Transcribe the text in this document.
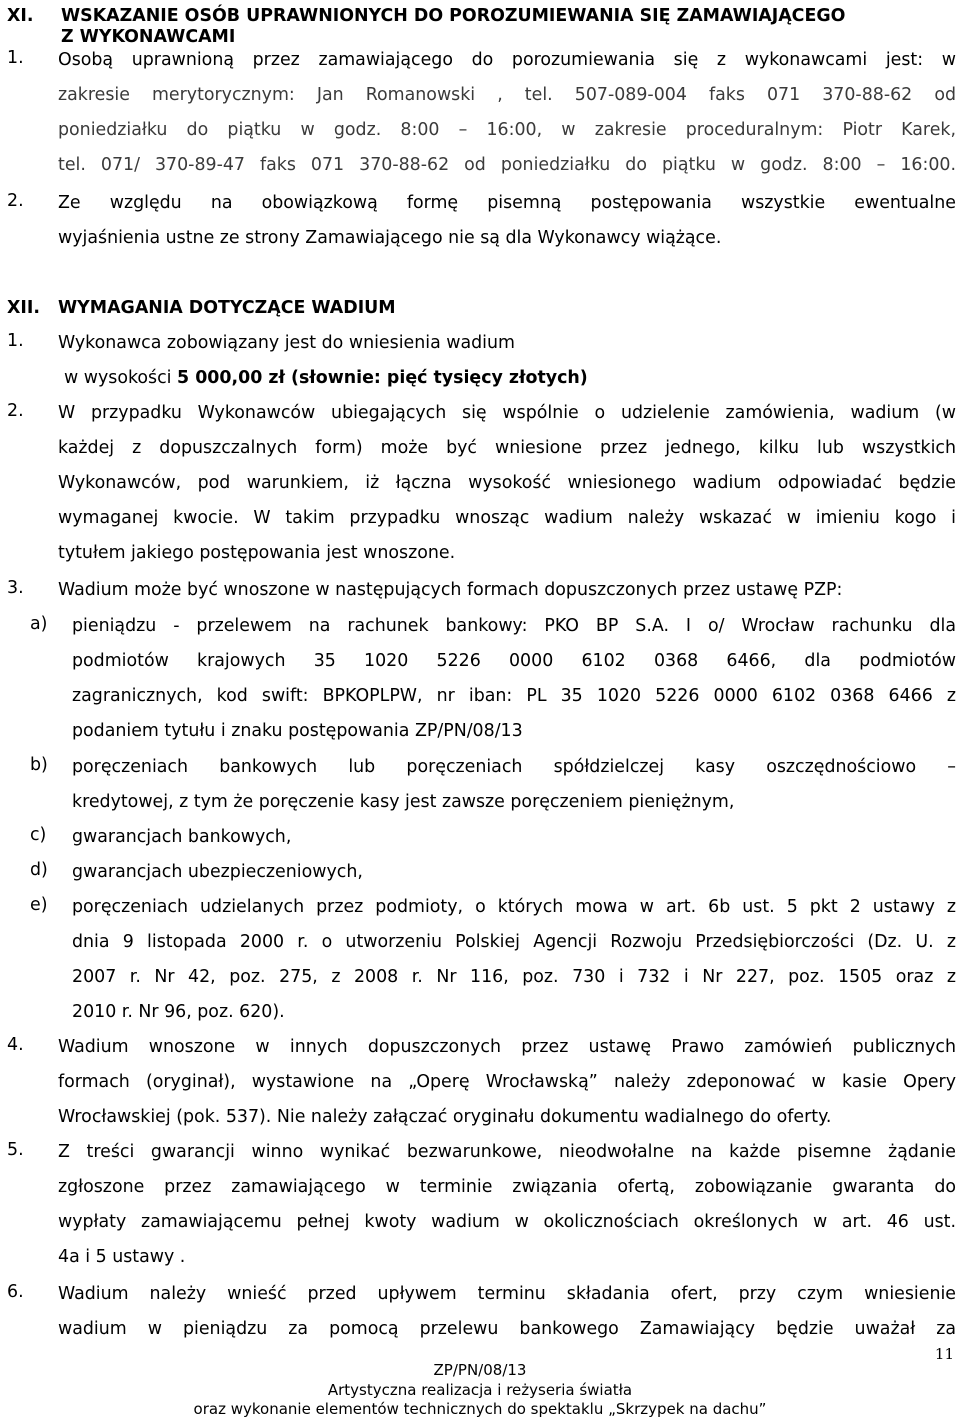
XI. WSKAZANIE OSÓB UPRAWNIONYCH DO POROZUMIEWANIA SIĘ ZAMAWIAJĄCEGO
Z WYKONAWCAMI
1. Osobą uprawnioną przez zamawiającego do porozumiewania się z wykonawcami jest: w
zakresie merytorycznym: Jan Romanowski , tel. 507-089-004 faks 071 370-88-62 od
poniedziałku do piątku w godz. 8:00 – 16:00, w zakresie proceduralnym: Piotr Karek,
tel. 071/ 370-89-47 faks 071 370-88-62 od poniedziałku do piątku w godz. 8:00 – 16:00.
2. Ze względu na obowiązkową formę pisemną postępowania wszystkie ewentualne
wyjaśnienia ustne ze strony Zamawiającego nie są dla Wykonawcy wiążące.
XII. WYMAGANIA DOTYCZĄCE WADIUM
1. Wykonawca zobowiązany jest do wniesienia wadium
w wysokości 5 000,00 zł (słownie: pięć tysięcy złotych)
2. W przypadku Wykonawców ubiegających się wspólnie o udzielenie zamówienia, wadium (w
każdej z dopuszczalnych form) może być wniesione przez jednego, kilku lub wszystkich
Wykonawców, pod warunkiem, iż łączna wysokość wniesionego wadium odpowiadać będzie
wymaganej kwocie. W takim przypadku wnosząc wadium należy wskazać w imieniu kogo i
tytułem jakiego postępowania jest wnoszone.
3. Wadium może być wnoszone w następujących formach dopuszczonych przez ustawę PZP:
a) pieniądzu - przelewem na rachunek bankowy: PKO BP S.A. I o/ Wrocław rachunku dla
podmiotów krajowych 35 1020 5226 0000 6102 0368 6466, dla podmiotów
zagranicznych, kod swift: BPKOPLPW, nr iban: PL 35 1020 5226 0000 6102 0368 6466 z
podaniem tytułu i znaku postępowania ZP/PN/08/13
b) poręczeniach bankowych lub poręczeniach spółdzielczej kasy oszczędnościowo –
kredytowej, z tym że poręczenie kasy jest zawsze poręczeniem pieniężnym,
c) gwarancjach bankowych,
d) gwarancjach ubezpieczeniowych,
e) poręczeniach udzielanych przez podmioty, o których mowa w art. 6b ust. 5 pkt 2 ustawy z
dnia 9 listopada 2000 r. o utworzeniu Polskiej Agencji Rozwoju Przedsiębiorczości (Dz. U. z
2007 r. Nr 42, poz. 275, z 2008 r. Nr 116, poz. 730 i 732 i Nr 227, poz. 1505 oraz z
2010 r. Nr 96, poz. 620).
4. Wadium wnoszone w innych dopuszczonych przez ustawę Prawo zamówień publicznych
formach (oryginał), wystawione na „Operę Wrocławską” należy zdeponować w kasie Opery
Wrocławskiej (pok. 537). Nie należy załączać oryginału dokumentu wadialnego do oferty.
5. Z treści gwarancji winno wynikać bezwarunkowe, nieodwołalne na każde pisemne żądanie
zgłoszone przez zamawiającego w terminie związania ofertą, zobowiązanie gwaranta do
wypłaty zamawiającemu pełnej kwoty wadium w okolicznościach określonych w art. 46 ust.
4a i 5 ustawy .
6. Wadium należy wnieść przed upływem terminu składania ofert, przy czym wniesienie
wadium w pieniądzu za pomocą przelewu bankowego Zamawiający będzie uważał za
11
ZP/PN/08/13
Artystyczna realizacja i reżyseria światła
oraz wykonanie elementów technicznych do spektaklu „Skrzypek na dachu”
